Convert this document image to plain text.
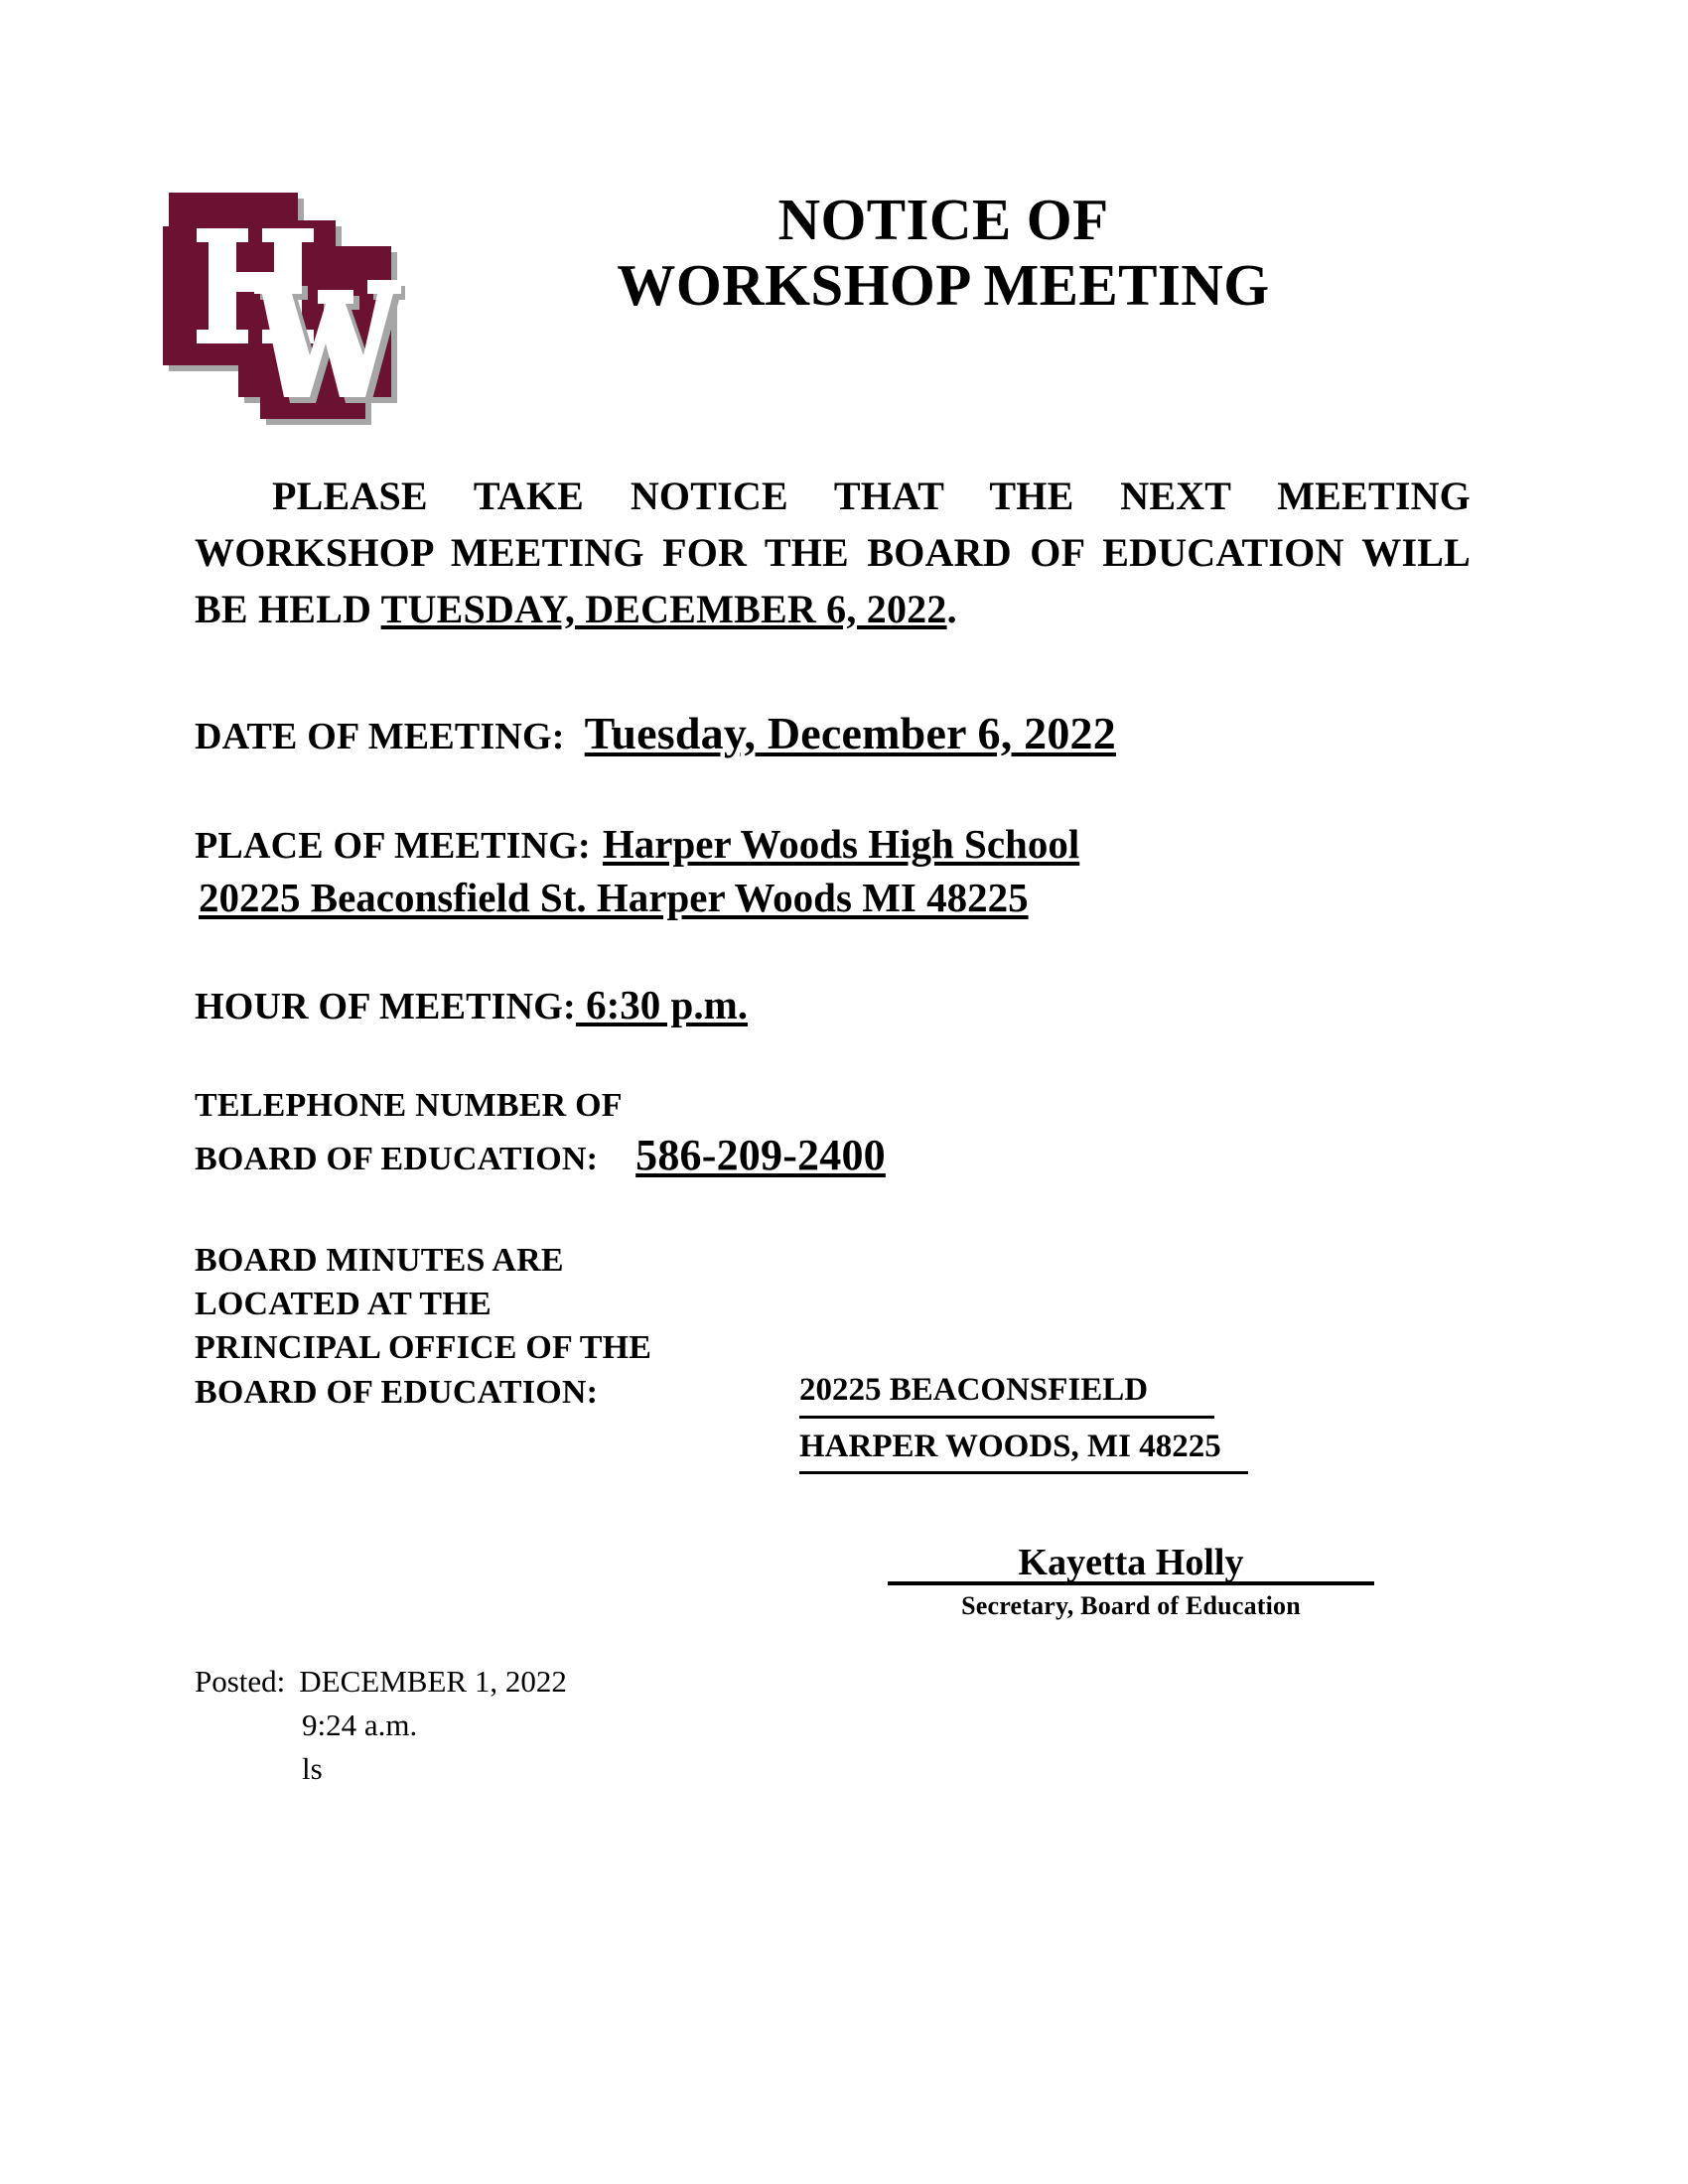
NOTICE OF
WORKSHOP MEETING

PLEASE TAKE NOTICE THAT THE NEXT MEETING WORKSHOP MEETING FOR THE BOARD OF EDUCATION WILL BE HELD TUESDAY, DECEMBER 6, 2022.

DATE OF MEETING: Tuesday, December 6, 2022
PLACE OF MEETING: Harper Woods High School
20225 Beaconsfield St. Harper Woods MI 48225
HOUR OF MEETING: 6:30 p.m.
TELEPHONE NUMBER OF
BOARD OF EDUCATION: 586-209-2400
BOARD MINUTES ARE
LOCATED AT THE
PRINCIPAL OFFICE OF THE
BOARD OF EDUCATION:	20225 BEACONSFIELD
HARPER WOODS, MI 48225
Kayetta Holly
Secretary, Board of Education
Posted: DECEMBER 1, 2022
9:24 a.m.
ls
